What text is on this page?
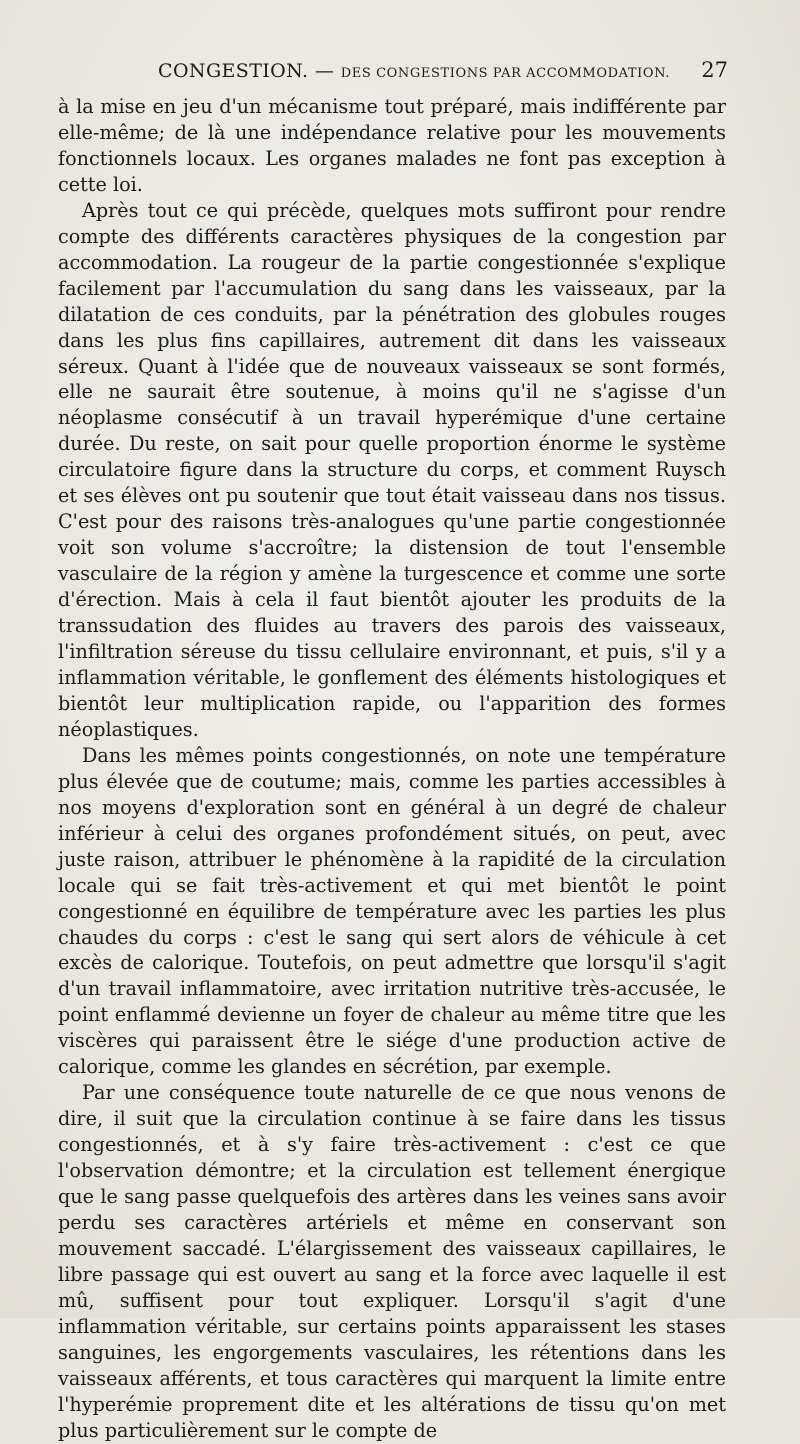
CONGESTION. — DES CONGESTIONS PAR ACCOMMODATION. 27

à la mise en jeu d'un mécanisme tout préparé, mais indifférente par elle-même; de là une indépendance relative pour les mouvements fonctionnels locaux. Les organes malades ne font pas exception à cette loi.

Après tout ce qui précède, quelques mots suffiront pour rendre compte des différents caractères physiques de la congestion par accommodation. La rougeur de la partie congestionnée s'explique facilement par l'accumulation du sang dans les vaisseaux, par la dilatation de ces conduits, par la pénétration des globules rouges dans les plus fins capillaires, autrement dit dans les vaisseaux séreux. Quant à l'idée que de nouveaux vaisseaux se sont formés, elle ne saurait être soutenue, à moins qu'il ne s'agisse d'un néoplasme consécutif à un travail hyperémique d'une certaine durée. Du reste, on sait pour quelle proportion énorme le système circulatoire figure dans la structure du corps, et comment Ruysch et ses élèves ont pu soutenir que tout était vaisseau dans nos tissus. C'est pour des raisons très-analogues qu'une partie congestionnée voit son volume s'accroître; la distension de tout l'ensemble vasculaire de la région y amène la turgescence et comme une sorte d'érection. Mais à cela il faut bientôt ajouter les produits de la transsudation des fluides au travers des parois des vaisseaux, l'infiltration séreuse du tissu cellulaire environnant, et puis, s'il y a inflammation véritable, le gonflement des éléments histologiques et bientôt leur multiplication rapide, ou l'apparition des formes néoplastiques.

Dans les mêmes points congestionnés, on note une température plus élevée que de coutume; mais, comme les parties accessibles à nos moyens d'exploration sont en général à un degré de chaleur inférieur à celui des organes profondément situés, on peut, avec juste raison, attribuer le phénomène à la rapidité de la circulation locale qui se fait très-activement et qui met bientôt le point congestionné en équilibre de température avec les parties les plus chaudes du corps : c'est le sang qui sert alors de véhicule à cet excès de calorique. Toutefois, on peut admettre que lorsqu'il s'agit d'un travail inflammatoire, avec irritation nutritive très-accusée, le point enflammé devienne un foyer de chaleur au même titre que les viscères qui paraissent être le siége d'une production active de calorique, comme les glandes en sécrétion, par exemple.

Par une conséquence toute naturelle de ce que nous venons de dire, il suit que la circulation continue à se faire dans les tissus congestionnés, et à s'y faire très-activement : c'est ce que l'observation démontre; et la circulation est tellement énergique que le sang passe quelquefois des artères dans les veines sans avoir perdu ses caractères artériels et même en conservant son mouvement saccadé. L'élargissement des vaisseaux capillaires, le libre passage qui est ouvert au sang et la force avec laquelle il est mû, suffisent pour tout expliquer. Lorsqu'il s'agit d'une inflammation véritable, sur certains points apparaissent les stases sanguines, les engorgements vasculaires, les rétentions dans les vaisseaux afférents, et tous caractères qui marquent la limite entre l'hyperémie proprement dite et les altérations de tissu qu'on met plus particulièrement sur le compte de
